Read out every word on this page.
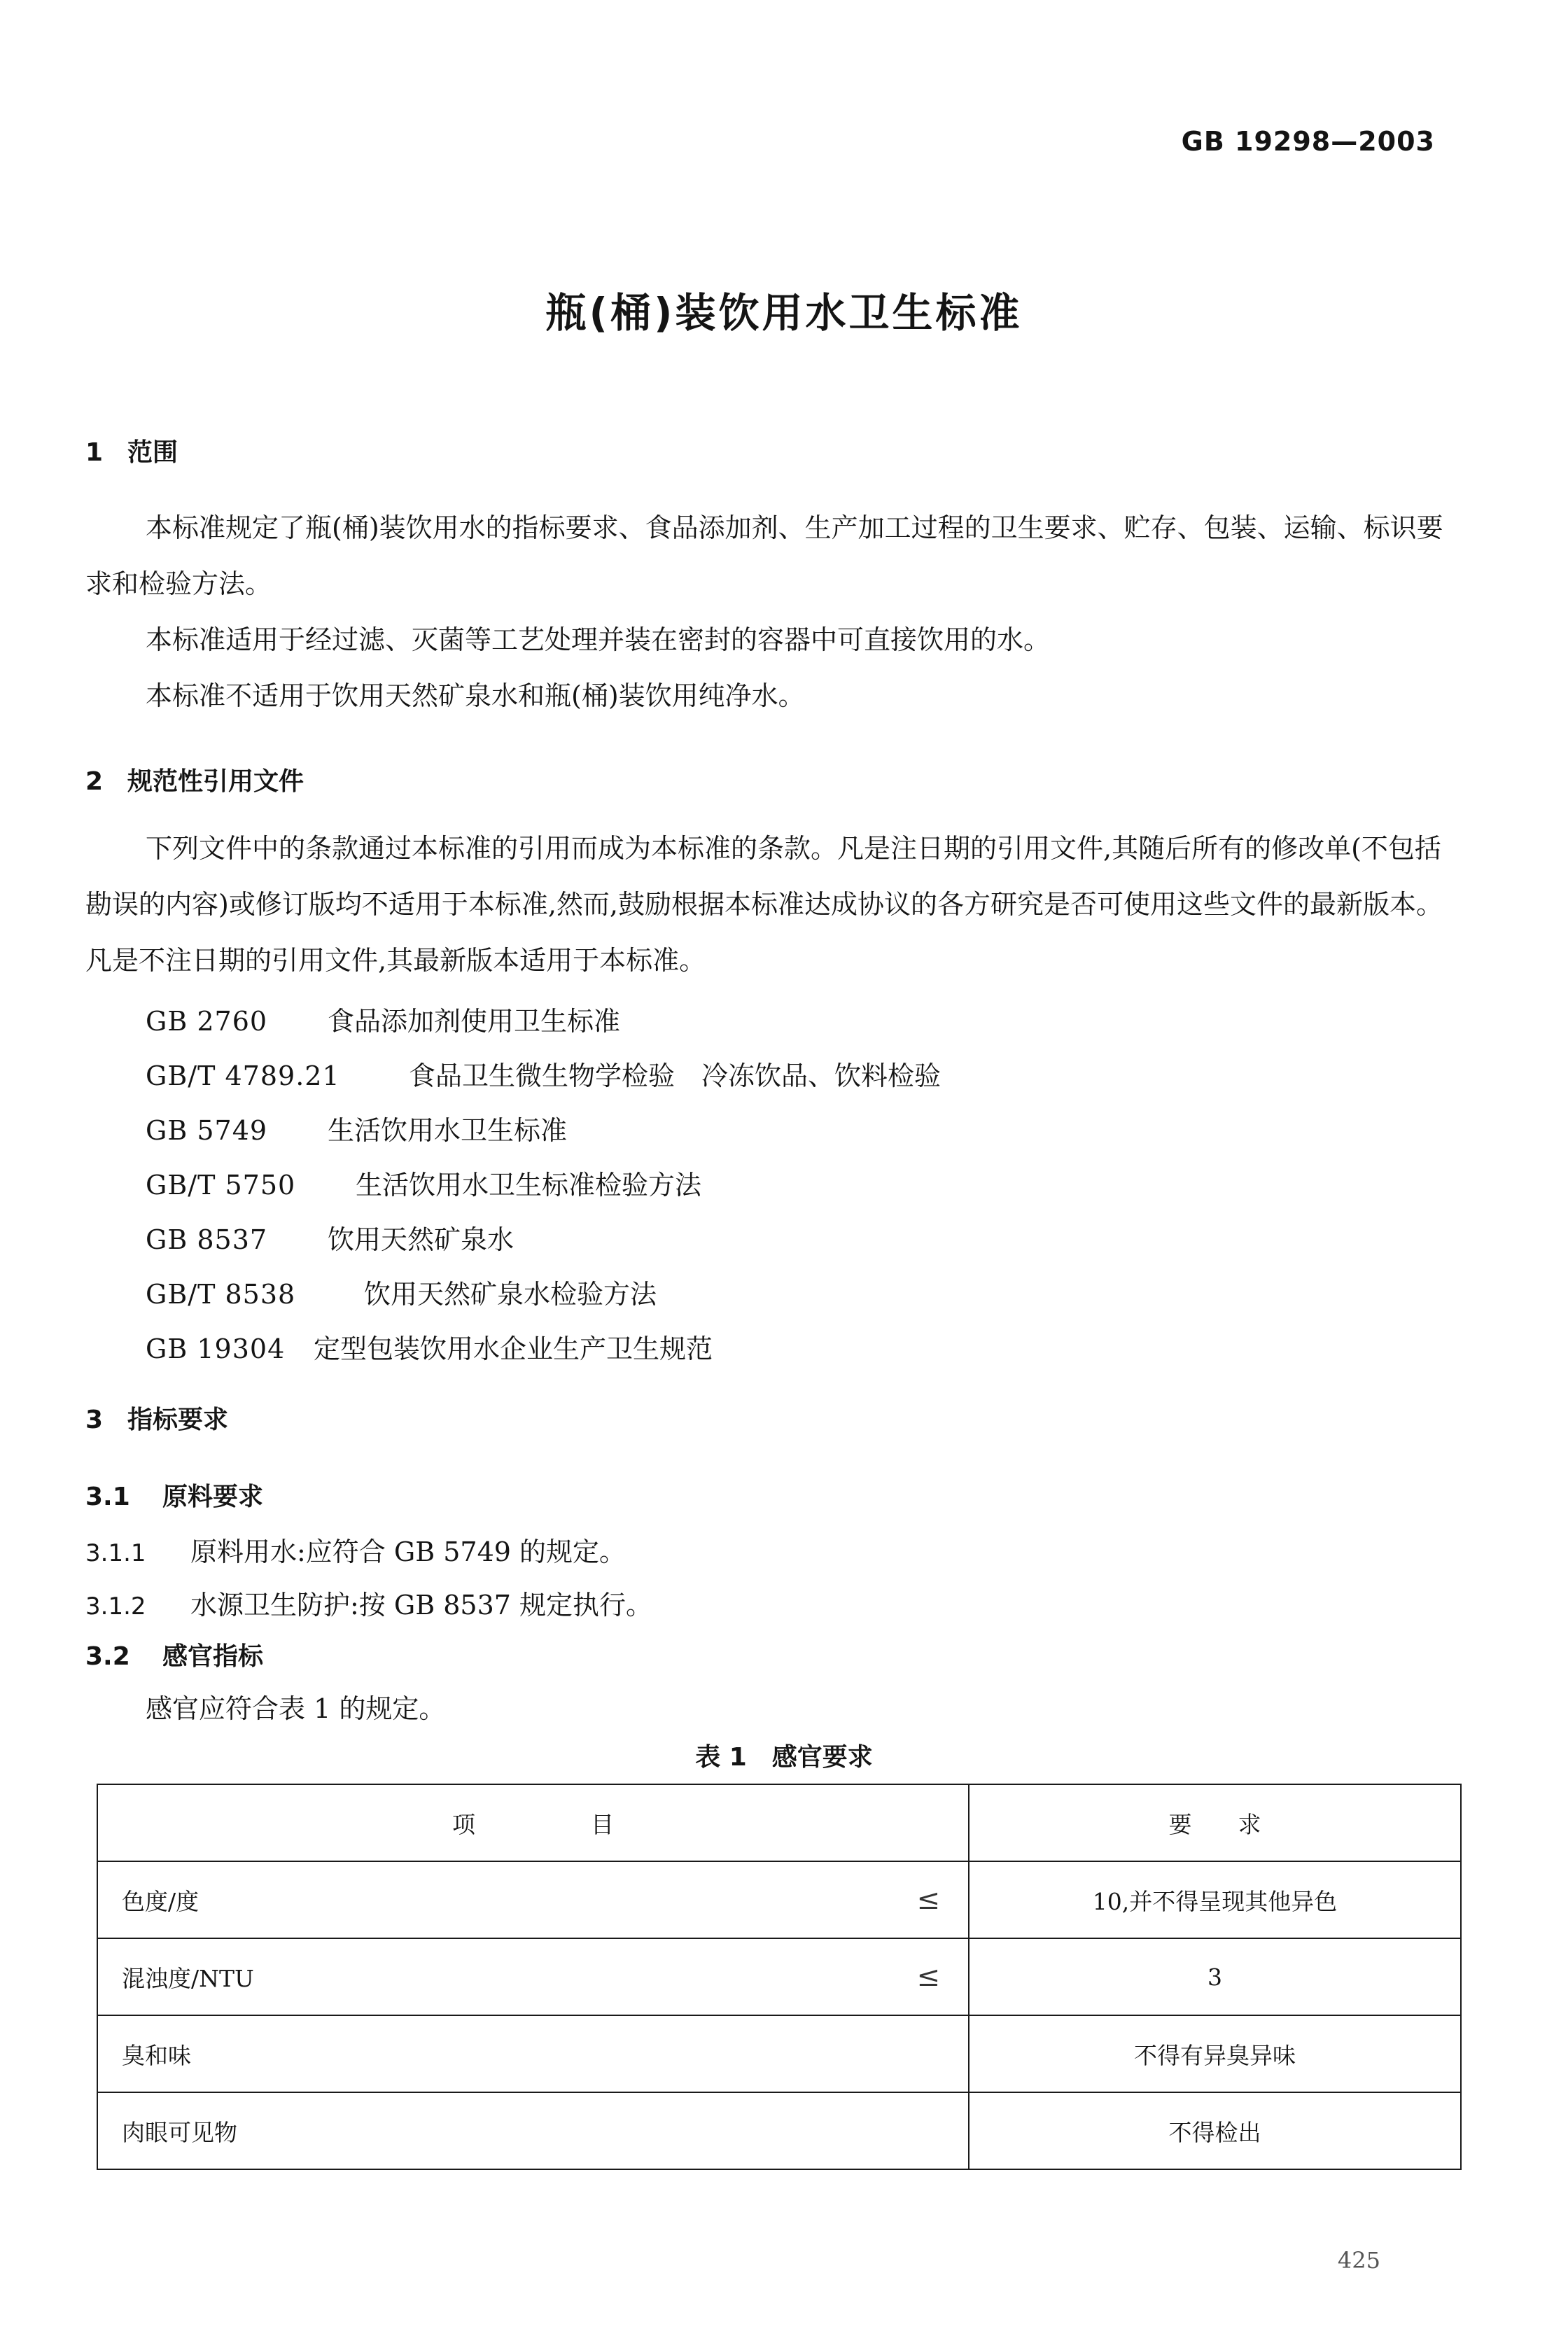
GB 19298—2003
瓶(桶)装饮用水卫生标准
1 范围

本标准规定了瓶(桶)装饮用水的指标要求、食品添加剂、生产加工过程的卫生要求、贮存、包装、运输、标识要求和检验方法。

本标准适用于经过滤、灭菌等工艺处理并装在密封的容器中可直接饮用的水。

本标准不适用于饮用天然矿泉水和瓶(桶)装饮用纯净水。

2 规范性引用文件

下列文件中的条款通过本标准的引用而成为本标准的条款。凡是注日期的引用文件,其随后所有的修改单(不包括勘误的内容)或修订版均不适用于本标准,然而,鼓励根据本标准达成协议的各方研究是否可使用这些文件的最新版本。凡是不注日期的引用文件,其最新版本适用于本标准。

GB 2760 食品添加剂使用卫生标准
GB/T 4789.21	食品卫生微生物学检验　冷冻饮品、饮料检验
GB 5749 生活饮用水卫生标准
GB/T 5750 生活饮用水卫生标准检验方法
GB 8537 饮用天然矿泉水
GB/T 8538	饮用天然矿泉水检验方法
GB 19304 定型包装饮用水企业生产卫生规范
3 指标要求
3.1 原料要求
3.1.1 原料用水:应符合 GB 5749 的规定。
3.1.2 水源卫生防护:按 GB 8537 规定执行。
3.2 感官指标
感官应符合表 1 的规定。
表 1　感官要求
项　　　　　目	要　　求
色度/度 ≤	10,并不得呈现其他异色
混浊度/NTU ≤	3
臭和味	不得有异臭异味
肉眼可见物	不得检出
425
